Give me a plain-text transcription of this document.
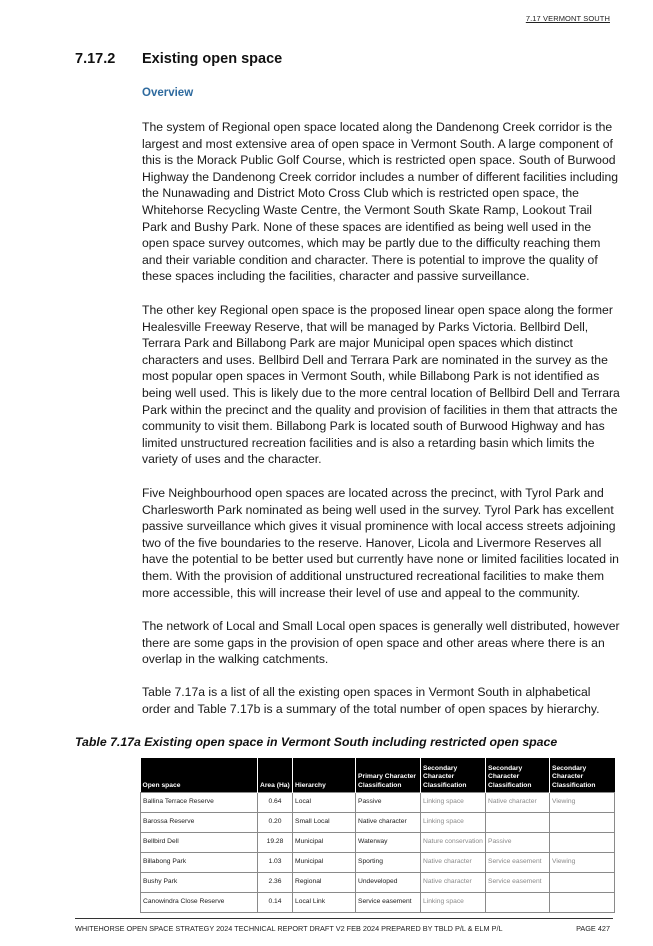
7.17 VERMONT SOUTH
7.17.2 Existing open space
Overview

The system of Regional open space located along the Dandenong Creek corridor is the largest and most extensive area of open space in Vermont South. A large component of this is the Morack Public Golf Course, which is restricted open space. South of Burwood Highway the Dandenong Creek corridor includes a number of different facilities including the Nunawading and District Moto Cross Club which is restricted open space, the Whitehorse Recycling Waste Centre, the Vermont South Skate Ramp, Lookout Trail Park and Bushy Park. None of these spaces are identified as being well used in the open space survey outcomes, which may be partly due to the difficulty reaching them and their variable condition and character. There is potential to improve the quality of these spaces including the facilities, character and passive surveillance.

The other key Regional open space is the proposed linear open space along the former Healesville Freeway Reserve, that will be managed by Parks Victoria. Bellbird Dell, Terrara Park and Billabong Park are major Municipal open spaces which distinct characters and uses. Bellbird Dell and Terrara Park are nominated in the survey as the most popular open spaces in Vermont South, while Billabong Park is not identified as being well used. This is likely due to the more central location of Bellbird Dell and Terrara Park within the precinct and the quality and provision of facilities in them that attracts the community to visit them. Billabong Park is located south of Burwood Highway and has limited unstructured recreation facilities and is also a retarding basin which limits the variety of uses and the character.

Five Neighbourhood open spaces are located across the precinct, with Tyrol Park and Charlesworth Park nominated as being well used in the survey. Tyrol Park has excellent passive surveillance which gives it visual prominence with local access streets adjoining two of the five boundaries to the reserve. Hanover, Licola and Livermore Reserves all have the potential to be better used but currently have none or limited facilities located in them. With the provision of additional unstructured recreational facilities to make them more accessible, this will increase their level of use and appeal to the community.

The network of Local and Small Local open spaces is generally well distributed, however there are some gaps in the provision of open space and other areas where there is an overlap in the walking catchments.

Table 7.17a is a list of all the existing open spaces in Vermont South in alphabetical order and Table 7.17b is a summary of the total number of open spaces by hierarchy.

Table 7.17a Existing open space in Vermont South including restricted open space
Open space	Area (Ha)	Hierarchy	Primary Character Classification	Secondary Character Classification	Secondary Character Classification	Secondary Character Classification
Ballina Terrace Reserve	0.64	Local	Passive	Linking space	Native character	Viewing
Barossa Reserve	0.20	Small Local	Native character	Linking space		
Bellbird Dell	19.28	Municipal	Waterway	Nature conservation	Passive	
Billabong Park	1.03	Municipal	Sporting	Native character	Service easement	Viewing
Bushy Park	2.36	Regional	Undeveloped	Native character	Service easement	
Canowindra Close Reserve	0.14	Local Link	Service easement	Linking space		
WHITEHORSE OPEN SPACE STRATEGY 2024 TECHNICAL REPORT DRAFT V2 FEB 2024 PREPARED BY TBLD P/L & ELM P/L	PAGE 427
